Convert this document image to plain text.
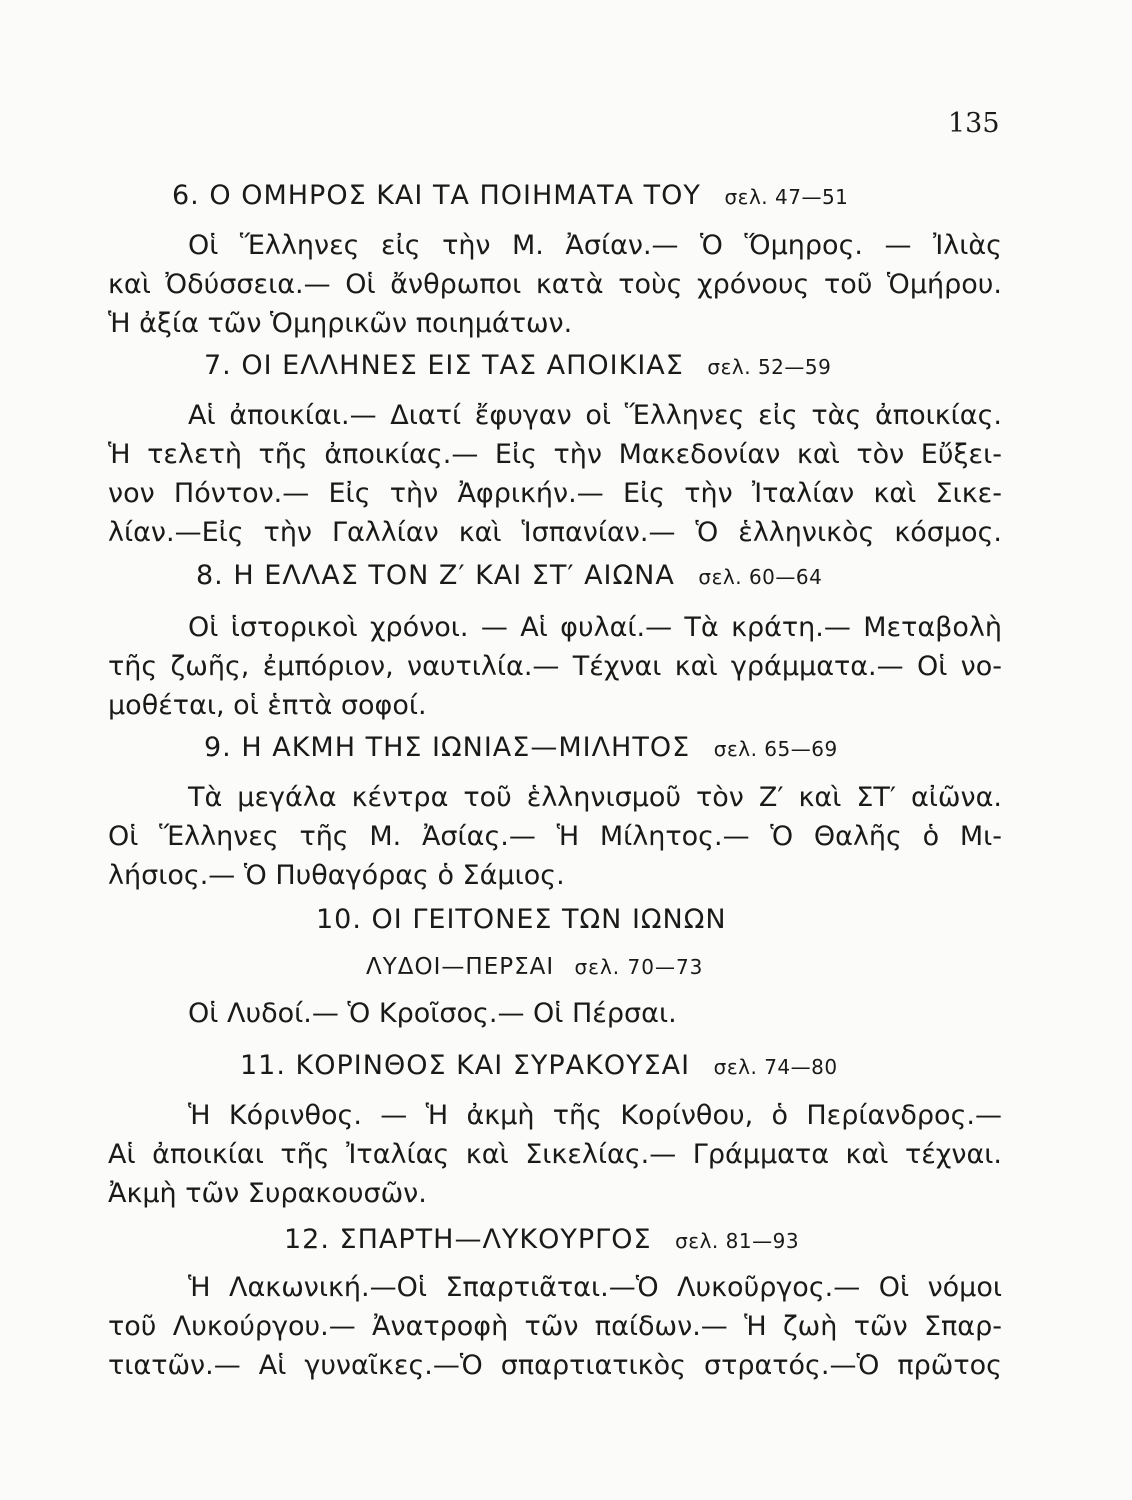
135
6. Ο ΟΜΗΡΟΣ ΚΑΙ ΤΑ ΠΟΙΗΜΑΤΑ ΤΟΥ σελ. 47—51
Οἱ Ἕλληνες εἰς τὴν Μ. Ἀσίαν.— Ὁ Ὅμηρος. — Ἰλιὰς
καὶ Ὀδύσσεια.— Οἱ ἄνθρωποι κατὰ τοὺς χρόνους τοῦ Ὁμήρου.
Ἡ ἀξία τῶν Ὁμηρικῶν ποιημάτων.
7. ΟΙ ΕΛΛΗΝΕΣ ΕΙΣ ΤΑΣ ΑΠΟΙΚΙΑΣ σελ. 52—59
Αἱ ἀποικίαι.— Διατί ἔφυγαν οἱ Ἕλληνες εἰς τὰς ἀποικίας.
Ἡ τελετὴ τῆς ἀποικίας.— Εἰς τὴν Μακεδονίαν καὶ τὸν Εὔξει-
νον Πόντον.— Εἰς τὴν Ἀφρικήν.— Εἰς τὴν Ἰταλίαν καὶ Σικε-
λίαν.—Εἰς τὴν Γαλλίαν καὶ Ἱσπανίαν.— Ὁ ἑλληνικὸς κόσμος.
8. Η ΕΛΛΑΣ ΤΟΝ Ζ′ ΚΑΙ ΣΤ′ ΑΙΩΝΑ σελ. 60—64
Οἱ ἱστορικοὶ χρόνοι. — Αἱ φυλαί.— Τὰ κράτη.— Μεταβολὴ
τῆς ζωῆς, ἐμπόριον, ναυτιλία.— Τέχναι καὶ γράμματα.— Οἱ νο-
μοθέται, οἱ ἑπτὰ σοφοί.
9. Η ΑΚΜΗ ΤΗΣ ΙΩΝΙΑΣ—ΜΙΛΗΤΟΣ σελ. 65—69
Τὰ μεγάλα κέντρα τοῦ ἑλληνισμοῦ τὸν Ζ′ καὶ ΣΤ′ αἰῶνα.
Οἱ Ἕλληνες τῆς Μ. Ἀσίας.— Ἡ Μίλητος.— Ὁ Θαλῆς ὁ Μι-
λήσιος.— Ὁ Πυθαγόρας ὁ Σάμιος.
10. ΟΙ ΓΕΙΤΟΝΕΣ ΤΩΝ ΙΩΝΩΝ
ΛΥΔΟΙ—ΠΕΡΣΑΙ σελ. 70—73
Οἱ Λυδοί.— Ὁ Κροῖσος.— Οἱ Πέρσαι.
11. ΚΟΡΙΝΘΟΣ ΚΑΙ ΣΥΡΑΚΟΥΣΑΙ σελ. 74—80
Ἡ Κόρινθος. — Ἡ ἀκμὴ τῆς Κορίνθου, ὁ Περίανδρος.—
Αἱ ἀποικίαι τῆς Ἰταλίας καὶ Σικελίας.— Γράμματα καὶ τέχναι.
Ἀκμὴ τῶν Συρακουσῶν.
12. ΣΠΑΡΤΗ—ΛΥΚΟΥΡΓΟΣ σελ. 81—93
Ἡ Λακωνική.—Οἱ Σπαρτιᾶται.—Ὁ Λυκοῦργος.— Οἱ νόμοι
τοῦ Λυκούργου.— Ἀνατροφὴ τῶν παίδων.— Ἡ ζωὴ τῶν Σπαρ-
τιατῶν.— Αἱ γυναῖκες.—Ὁ σπαρτιατικὸς στρατός.—Ὁ πρῶτος
